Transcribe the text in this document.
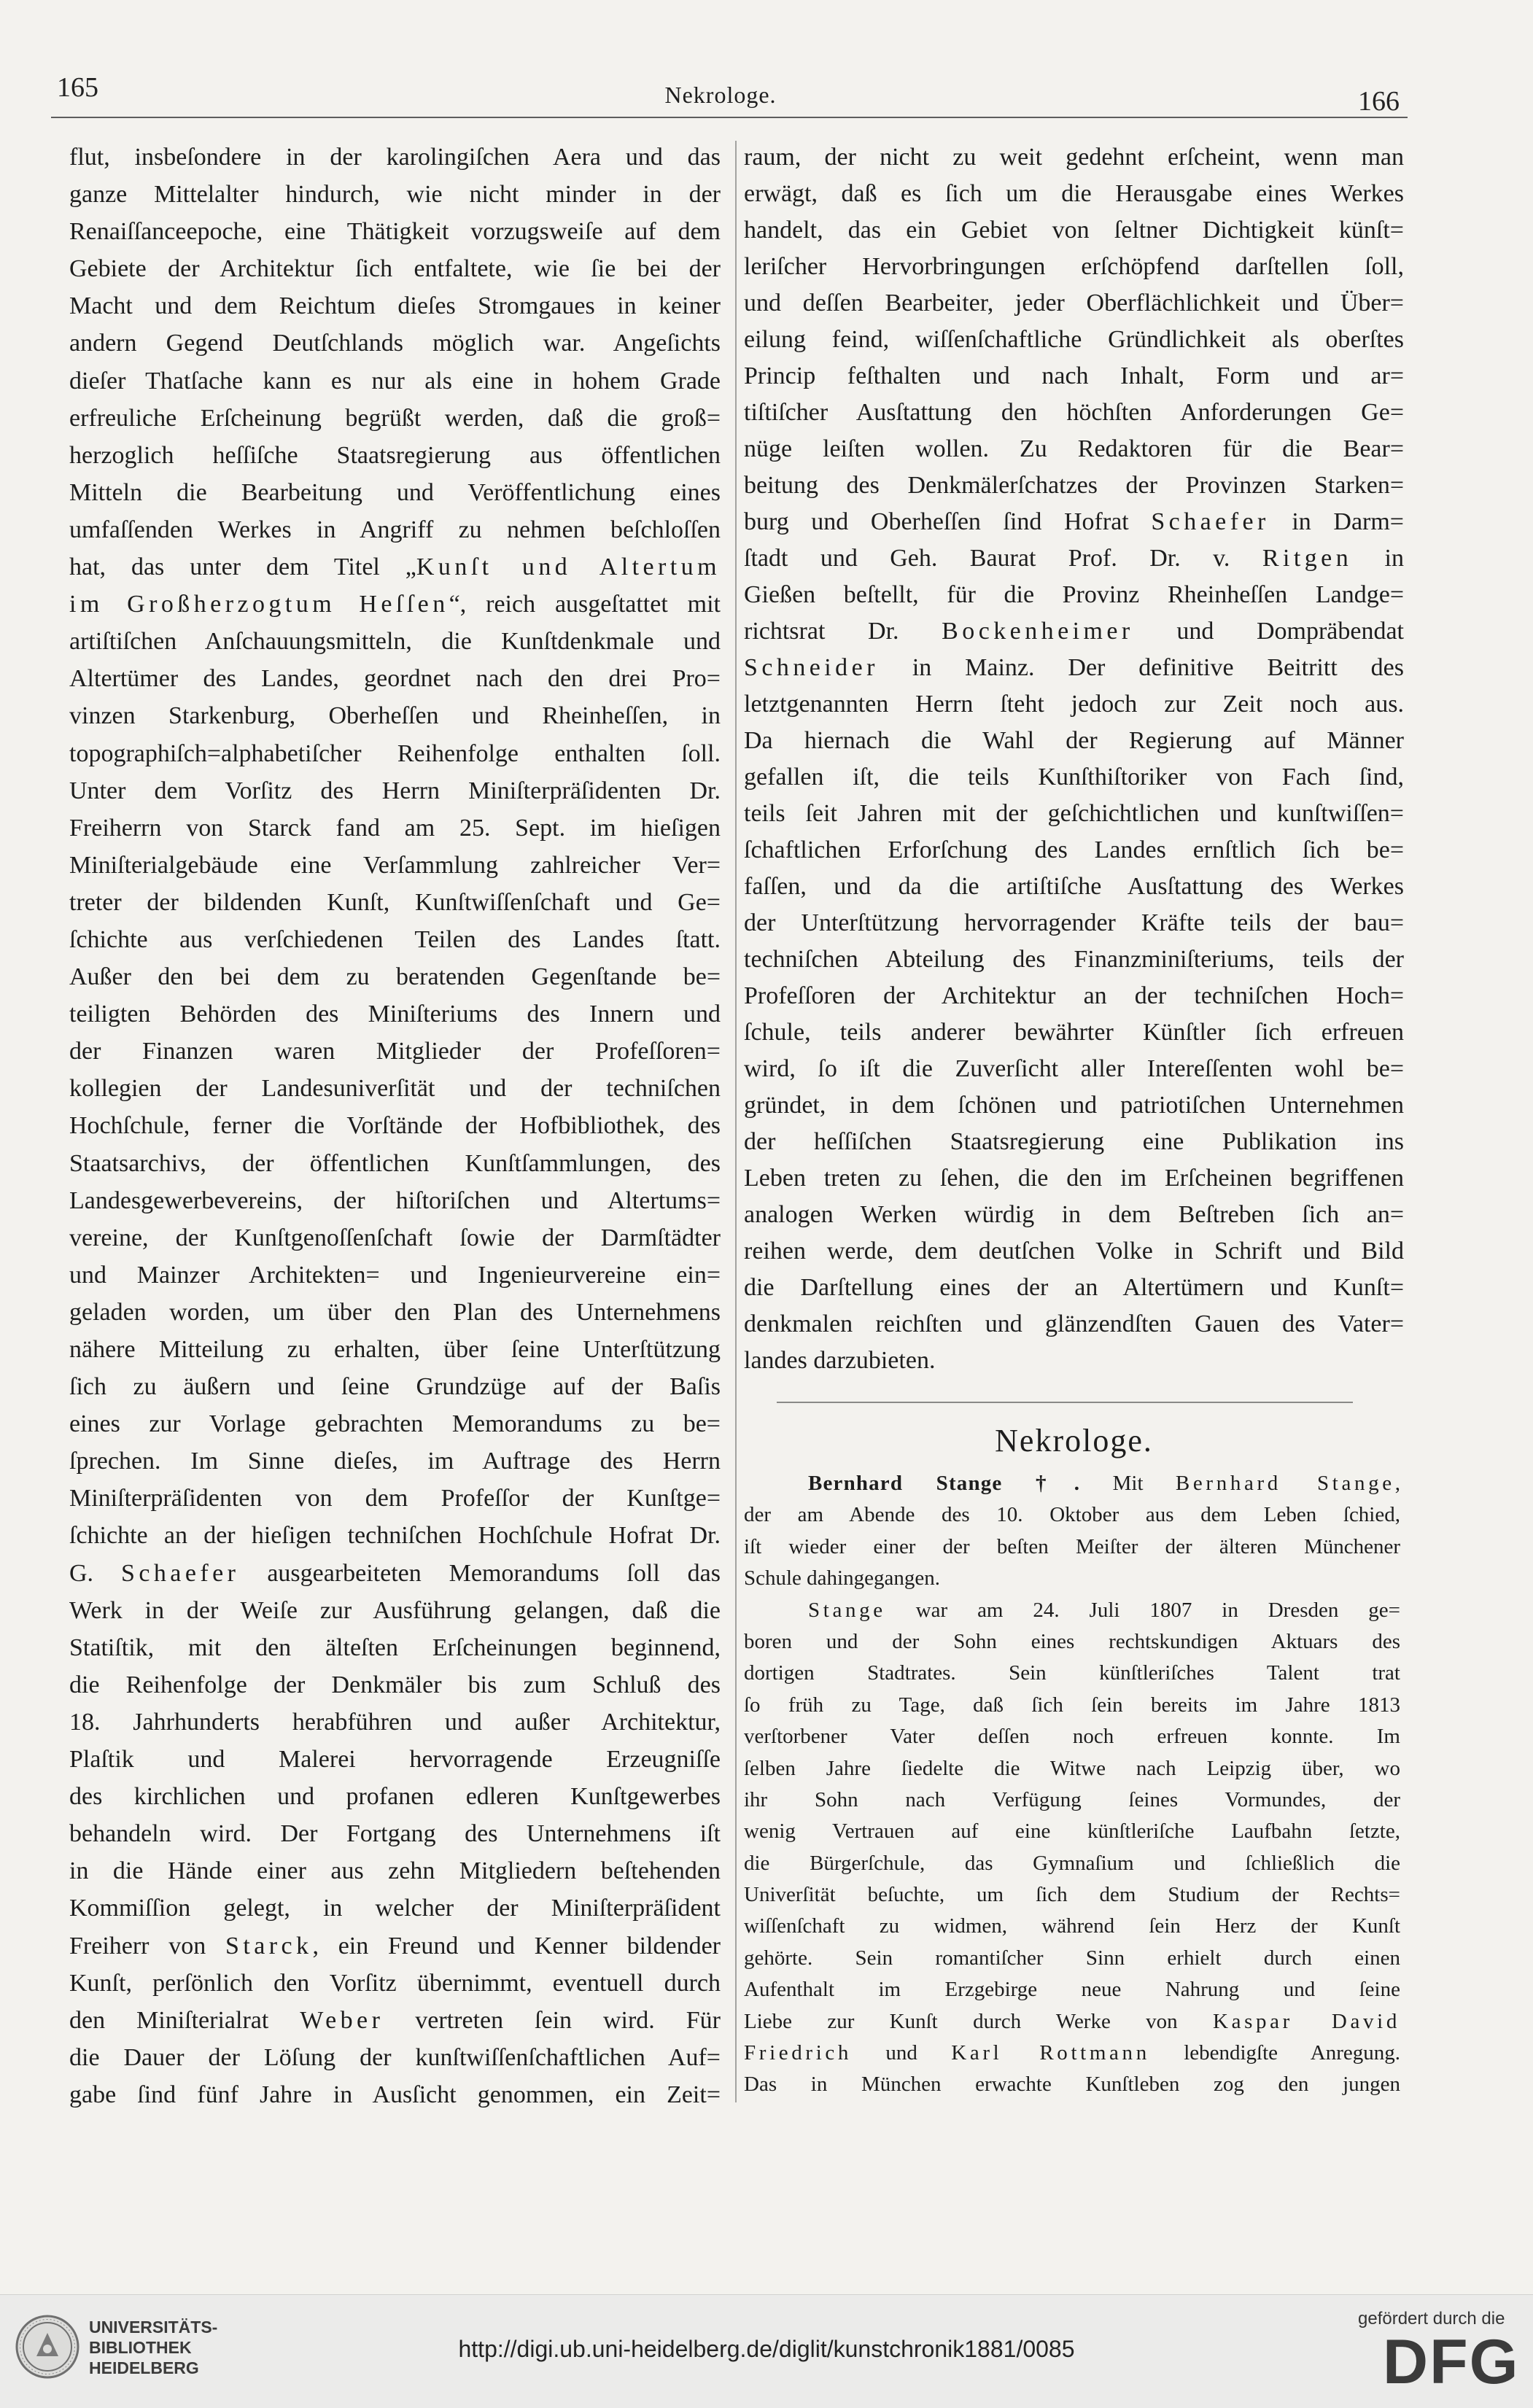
165	Nekrologe.	166
flut, insbeſondere in der karolingiſchen Aera und das
ganze Mittelalter hindurch, wie nicht minder in der
Renaiſſanceepoche, eine Thätigkeit vorzugsweiſe auf dem
Gebiete der Architektur ſich entfaltete, wie ſie bei der
Macht und dem Reichtum dieſes Stromgaues in keiner
andern Gegend Deutſchlands möglich war. Angeſichts
dieſer Thatſache kann es nur als eine in hohem Grade
erfreuliche Erſcheinung begrüßt werden, daß die groß=
herzoglich heſſiſche Staatsregierung aus öffentlichen
Mitteln die Bearbeitung und Veröffentlichung eines
umfaſſenden Werkes in Angriff zu nehmen beſchloſſen
hat, das unter dem Titel „Kunſt und Altertum
im Großherzogtum Heſſen“, reich ausgeſtattet mit
artiſtiſchen Anſchauungsmitteln, die Kunſtdenkmale und
Altertümer des Landes, geordnet nach den drei Pro=
vinzen Starkenburg, Oberheſſen und Rheinheſſen, in
topographiſch=alphabetiſcher Reihenfolge enthalten ſoll.
Unter dem Vorſitz des Herrn Miniſterpräſidenten Dr.
Freiherrn von Starck fand am 25. Sept. im hieſigen
Miniſterialgebäude eine Verſammlung zahlreicher Ver=
treter der bildenden Kunſt, Kunſtwiſſenſchaft und Ge=
ſchichte aus verſchiedenen Teilen des Landes ſtatt.
Außer den bei dem zu beratenden Gegenſtande be=
teiligten Behörden des Miniſteriums des Innern und
der Finanzen waren Mitglieder der Profeſſoren=
kollegien der Landesuniverſität und der techniſchen
Hochſchule, ferner die Vorſtände der Hofbibliothek, des
Staatsarchivs, der öffentlichen Kunſtſammlungen, des
Landesgewerbevereins, der hiſtoriſchen und Altertums=
vereine, der Kunſtgenoſſenſchaft ſowie der Darmſtädter
und Mainzer Architekten= und Ingenieurvereine ein=
geladen worden, um über den Plan des Unternehmens
nähere Mitteilung zu erhalten, über ſeine Unterſtützung
ſich zu äußern und ſeine Grundzüge auf der Baſis
eines zur Vorlage gebrachten Memorandums zu be=
ſprechen. Im Sinne dieſes, im Auftrage des Herrn
Miniſterpräſidenten von dem Profeſſor der Kunſtge=
ſchichte an der hieſigen techniſchen Hochſchule Hofrat Dr.
G. Schaefer ausgearbeiteten Memorandums ſoll das
Werk in der Weiſe zur Ausführung gelangen, daß die
Statiſtik, mit den älteſten Erſcheinungen beginnend,
die Reihenfolge der Denkmäler bis zum Schluß des
18. Jahrhunderts herabführen und außer Architektur,
Plaſtik und Malerei hervorragende Erzeugniſſe
des kirchlichen und profanen edleren Kunſtgewerbes
behandeln wird. Der Fortgang des Unternehmens iſt
in die Hände einer aus zehn Mitgliedern beſtehenden
Kommiſſion gelegt, in welcher der Miniſterpräſident
Freiherr von Starck, ein Freund und Kenner bildender
Kunſt, perſönlich den Vorſitz übernimmt, eventuell durch
den Miniſterialrat Weber vertreten ſein wird. Für
die Dauer der Löſung der kunſtwiſſenſchaftlichen Auf=
gabe ſind fünf Jahre in Ausſicht genommen, ein Zeit=
raum, der nicht zu weit gedehnt erſcheint, wenn man
erwägt, daß es ſich um die Herausgabe eines Werkes
handelt, das ein Gebiet von ſeltner Dichtigkeit künſt=
leriſcher Hervorbringungen erſchöpfend darſtellen ſoll,
und deſſen Bearbeiter, jeder Oberflächlichkeit und Über=
eilung feind, wiſſenſchaftliche Gründlichkeit als oberſtes
Princip feſthalten und nach Inhalt, Form und ar=
tiſtiſcher Ausſtattung den höchſten Anforderungen Ge=
nüge leiſten wollen. Zu Redaktoren für die Bear=
beitung des Denkmälerſchatzes der Provinzen Starken=
burg und Oberheſſen ſind Hofrat Schaefer in Darm=
ſtadt und Geh. Baurat Prof. Dr. v. Ritgen in
Gießen beſtellt, für die Provinz Rheinheſſen Landge=
richtsrat Dr. Bockenheimer und Dompräbendat
Schneider in Mainz. Der definitive Beitritt des
letztgenannten Herrn ſteht jedoch zur Zeit noch aus.
Da hiernach die Wahl der Regierung auf Männer
gefallen iſt, die teils Kunſthiſtoriker von Fach ſind,
teils ſeit Jahren mit der geſchichtlichen und kunſtwiſſen=
ſchaftlichen Erforſchung des Landes ernſtlich ſich be=
faſſen, und da die artiſtiſche Ausſtattung des Werkes
der Unterſtützung hervorragender Kräfte teils der bau=
techniſchen Abteilung des Finanzminiſteriums, teils der
Profeſſoren der Architektur an der techniſchen Hoch=
ſchule, teils anderer bewährter Künſtler ſich erfreuen
wird, ſo iſt die Zuverſicht aller Intereſſenten wohl be=
gründet, in dem ſchönen und patriotiſchen Unternehmen
der heſſiſchen Staatsregierung eine Publikation ins
Leben treten zu ſehen, die den im Erſcheinen begriffenen
analogen Werken würdig in dem Beſtreben ſich an=
reihen werde, dem deutſchen Volke in Schrift und Bild
die Darſtellung eines der an Altertümern und Kunſt=
denkmalen reichſten und glänzendſten Gauen des Vater=
landes darzubieten.
Nekrologe.
Bernhard Stange †. Mit Bernhard Stange,
der am Abende des 10. Oktober aus dem Leben ſchied,
iſt wieder einer der beſten Meiſter der älteren Münchener
Schule dahingegangen.
Stange war am 24. Juli 1807 in Dresden ge=
boren und der Sohn eines rechtskundigen Aktuars des
dortigen Stadtrates. Sein künſtleriſches Talent trat
ſo früh zu Tage, daß ſich ſein bereits im Jahre 1813
verſtorbener Vater deſſen noch erfreuen konnte. Im
ſelben Jahre ſiedelte die Witwe nach Leipzig über, wo
ihr Sohn nach Verfügung ſeines Vormundes, der
wenig Vertrauen auf eine künſtleriſche Laufbahn ſetzte,
die Bürgerſchule, das Gymnaſium und ſchließlich die
Univerſität beſuchte, um ſich dem Studium der Rechts=
wiſſenſchaft zu widmen, während ſein Herz der Kunſt
gehörte. Sein romantiſcher Sinn erhielt durch einen
Aufenthalt im Erzgebirge neue Nahrung und ſeine
Liebe zur Kunſt durch Werke von Kaspar David
Friedrich und Karl Rottmann lebendigſte Anregung.
Das in München erwachte Kunſtleben zog den jungen
UNIVERSITÄTS-
BIBLIOTHEK
HEIDELBERG
http://digi.ub.uni-heidelberg.de/diglit/kunstchronik1881/0085
gefördert durch die
DFG
